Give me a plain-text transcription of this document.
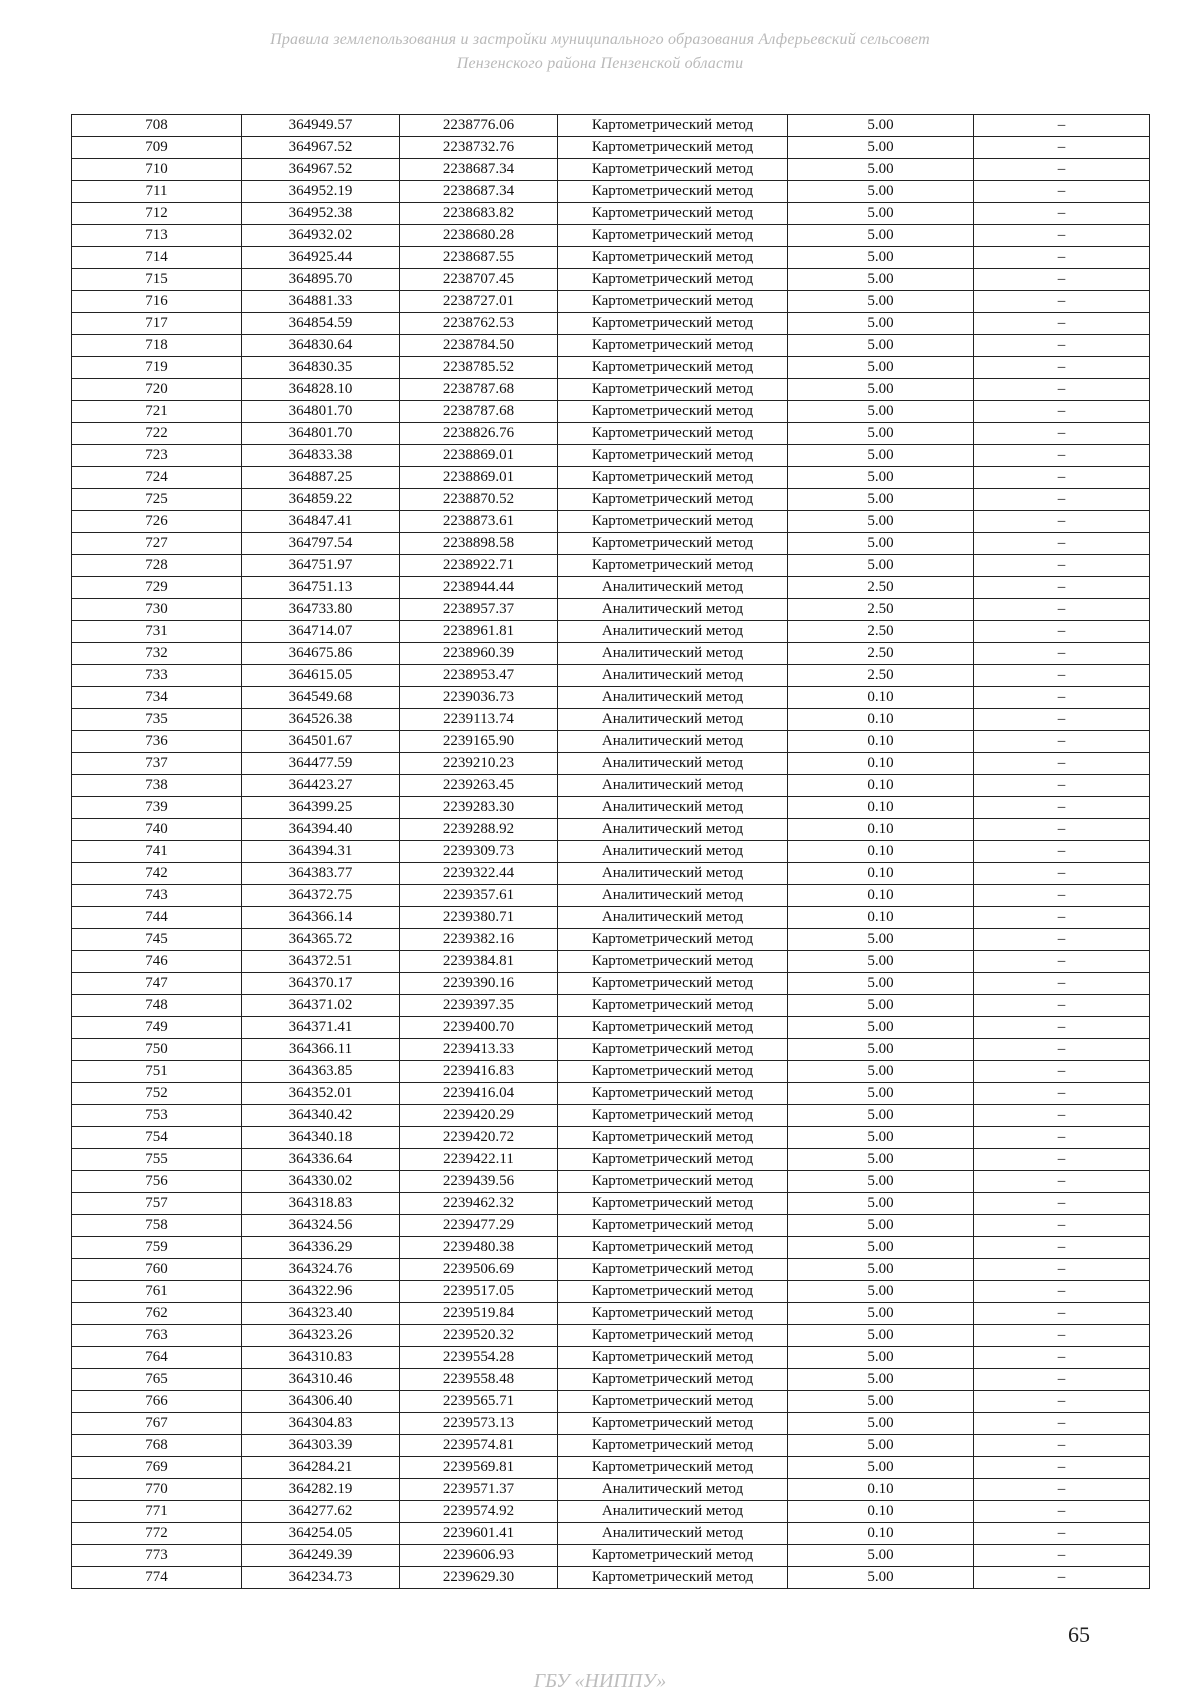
Правила землепользования и застройки муниципального образования Алферьевский сельсовет
Пензенского района Пензенской области
708	364949.57	2238776.06	Картометрический метод	5.00	–
709	364967.52	2238732.76	Картометрический метод	5.00	–
710	364967.52	2238687.34	Картометрический метод	5.00	–
711	364952.19	2238687.34	Картометрический метод	5.00	–
712	364952.38	2238683.82	Картометрический метод	5.00	–
713	364932.02	2238680.28	Картометрический метод	5.00	–
714	364925.44	2238687.55	Картометрический метод	5.00	–
715	364895.70	2238707.45	Картометрический метод	5.00	–
716	364881.33	2238727.01	Картометрический метод	5.00	–
717	364854.59	2238762.53	Картометрический метод	5.00	–
718	364830.64	2238784.50	Картометрический метод	5.00	–
719	364830.35	2238785.52	Картометрический метод	5.00	–
720	364828.10	2238787.68	Картометрический метод	5.00	–
721	364801.70	2238787.68	Картометрический метод	5.00	–
722	364801.70	2238826.76	Картометрический метод	5.00	–
723	364833.38	2238869.01	Картометрический метод	5.00	–
724	364887.25	2238869.01	Картометрический метод	5.00	–
725	364859.22	2238870.52	Картометрический метод	5.00	–
726	364847.41	2238873.61	Картометрический метод	5.00	–
727	364797.54	2238898.58	Картометрический метод	5.00	–
728	364751.97	2238922.71	Картометрический метод	5.00	–
729	364751.13	2238944.44	Аналитический метод	2.50	–
730	364733.80	2238957.37	Аналитический метод	2.50	–
731	364714.07	2238961.81	Аналитический метод	2.50	–
732	364675.86	2238960.39	Аналитический метод	2.50	–
733	364615.05	2238953.47	Аналитический метод	2.50	–
734	364549.68	2239036.73	Аналитический метод	0.10	–
735	364526.38	2239113.74	Аналитический метод	0.10	–
736	364501.67	2239165.90	Аналитический метод	0.10	–
737	364477.59	2239210.23	Аналитический метод	0.10	–
738	364423.27	2239263.45	Аналитический метод	0.10	–
739	364399.25	2239283.30	Аналитический метод	0.10	–
740	364394.40	2239288.92	Аналитический метод	0.10	–
741	364394.31	2239309.73	Аналитический метод	0.10	–
742	364383.77	2239322.44	Аналитический метод	0.10	–
743	364372.75	2239357.61	Аналитический метод	0.10	–
744	364366.14	2239380.71	Аналитический метод	0.10	–
745	364365.72	2239382.16	Картометрический метод	5.00	–
746	364372.51	2239384.81	Картометрический метод	5.00	–
747	364370.17	2239390.16	Картометрический метод	5.00	–
748	364371.02	2239397.35	Картометрический метод	5.00	–
749	364371.41	2239400.70	Картометрический метод	5.00	–
750	364366.11	2239413.33	Картометрический метод	5.00	–
751	364363.85	2239416.83	Картометрический метод	5.00	–
752	364352.01	2239416.04	Картометрический метод	5.00	–
753	364340.42	2239420.29	Картометрический метод	5.00	–
754	364340.18	2239420.72	Картометрический метод	5.00	–
755	364336.64	2239422.11	Картометрический метод	5.00	–
756	364330.02	2239439.56	Картометрический метод	5.00	–
757	364318.83	2239462.32	Картометрический метод	5.00	–
758	364324.56	2239477.29	Картометрический метод	5.00	–
759	364336.29	2239480.38	Картометрический метод	5.00	–
760	364324.76	2239506.69	Картометрический метод	5.00	–
761	364322.96	2239517.05	Картометрический метод	5.00	–
762	364323.40	2239519.84	Картометрический метод	5.00	–
763	364323.26	2239520.32	Картометрический метод	5.00	–
764	364310.83	2239554.28	Картометрический метод	5.00	–
765	364310.46	2239558.48	Картометрический метод	5.00	–
766	364306.40	2239565.71	Картометрический метод	5.00	–
767	364304.83	2239573.13	Картометрический метод	5.00	–
768	364303.39	2239574.81	Картометрический метод	5.00	–
769	364284.21	2239569.81	Картометрический метод	5.00	–
770	364282.19	2239571.37	Аналитический метод	0.10	–
771	364277.62	2239574.92	Аналитический метод	0.10	–
772	364254.05	2239601.41	Аналитический метод	0.10	–
773	364249.39	2239606.93	Картометрический метод	5.00	–
774	364234.73	2239629.30	Картометрический метод	5.00	–
65
ГБУ «НИППУ»
